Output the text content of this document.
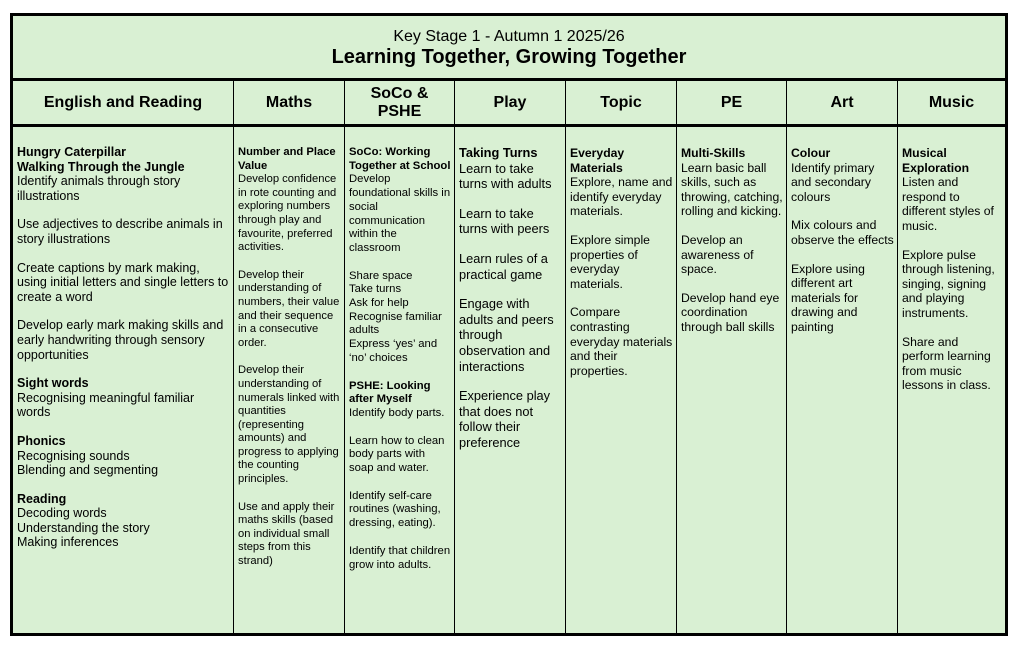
Key Stage 1 - Autumn 1 2025/26
Learning Together, Growing Together
English and Reading
Hungry Caterpillar
Walking Through the Jungle
Identify animals through story illustrations
Use adjectives to describe animals in story illustrations
Create captions by mark making, using initial letters and single letters to create a word
Develop early mark making skills and early handwriting through sensory opportunities
Sight words
Recognising meaningful familiar words
Phonics
Recognising sounds
Blending and segmenting
Reading
Decoding words
Understanding the story
Making inferences
Maths
Number and Place Value
Develop confidence in rote counting and exploring numbers through play and favourite, preferred activities.
Develop their understanding of numbers, their value and their sequence in a consecutive order.
Develop their understanding of numerals linked with quantities (representing amounts) and progress to applying the counting principles.
Use and apply their maths skills (based on individual small steps from this strand)
SoCo & PSHE
SoCo: Working Together at School
Develop foundational skills in social communication within the classroom
Share space
Take turns
Ask for help
Recognise familiar adults
Express ‘yes’ and ‘no’ choices
PSHE: Looking after Myself
Identify body parts.
Learn how to clean body parts with soap and water.
Identify self-care routines (washing, dressing, eating).
Identify that children grow into adults.
Play
Taking Turns
Learn to take turns with adults
Learn to take turns with peers
Learn rules of a practical game
Engage with adults and peers through observation and interactions
Experience play that does not follow their preference
Topic
Everyday Materials
Explore, name and identify everyday materials.
Explore simple properties of everyday materials.
Compare contrasting everyday materials and their properties.
PE
Multi-Skills
Learn basic ball skills, such as throwing, catching, rolling and kicking.
Develop an awareness of space.
Develop hand eye coordination through ball skills
Art
Colour
Identify primary and secondary colours
Mix colours and observe the effects
Explore using different art materials for drawing and painting
Music
Musical Exploration
Listen and respond to different styles of music.
Explore pulse through listening, singing, signing and playing instruments.
Share and perform learning from music lessons in class.
